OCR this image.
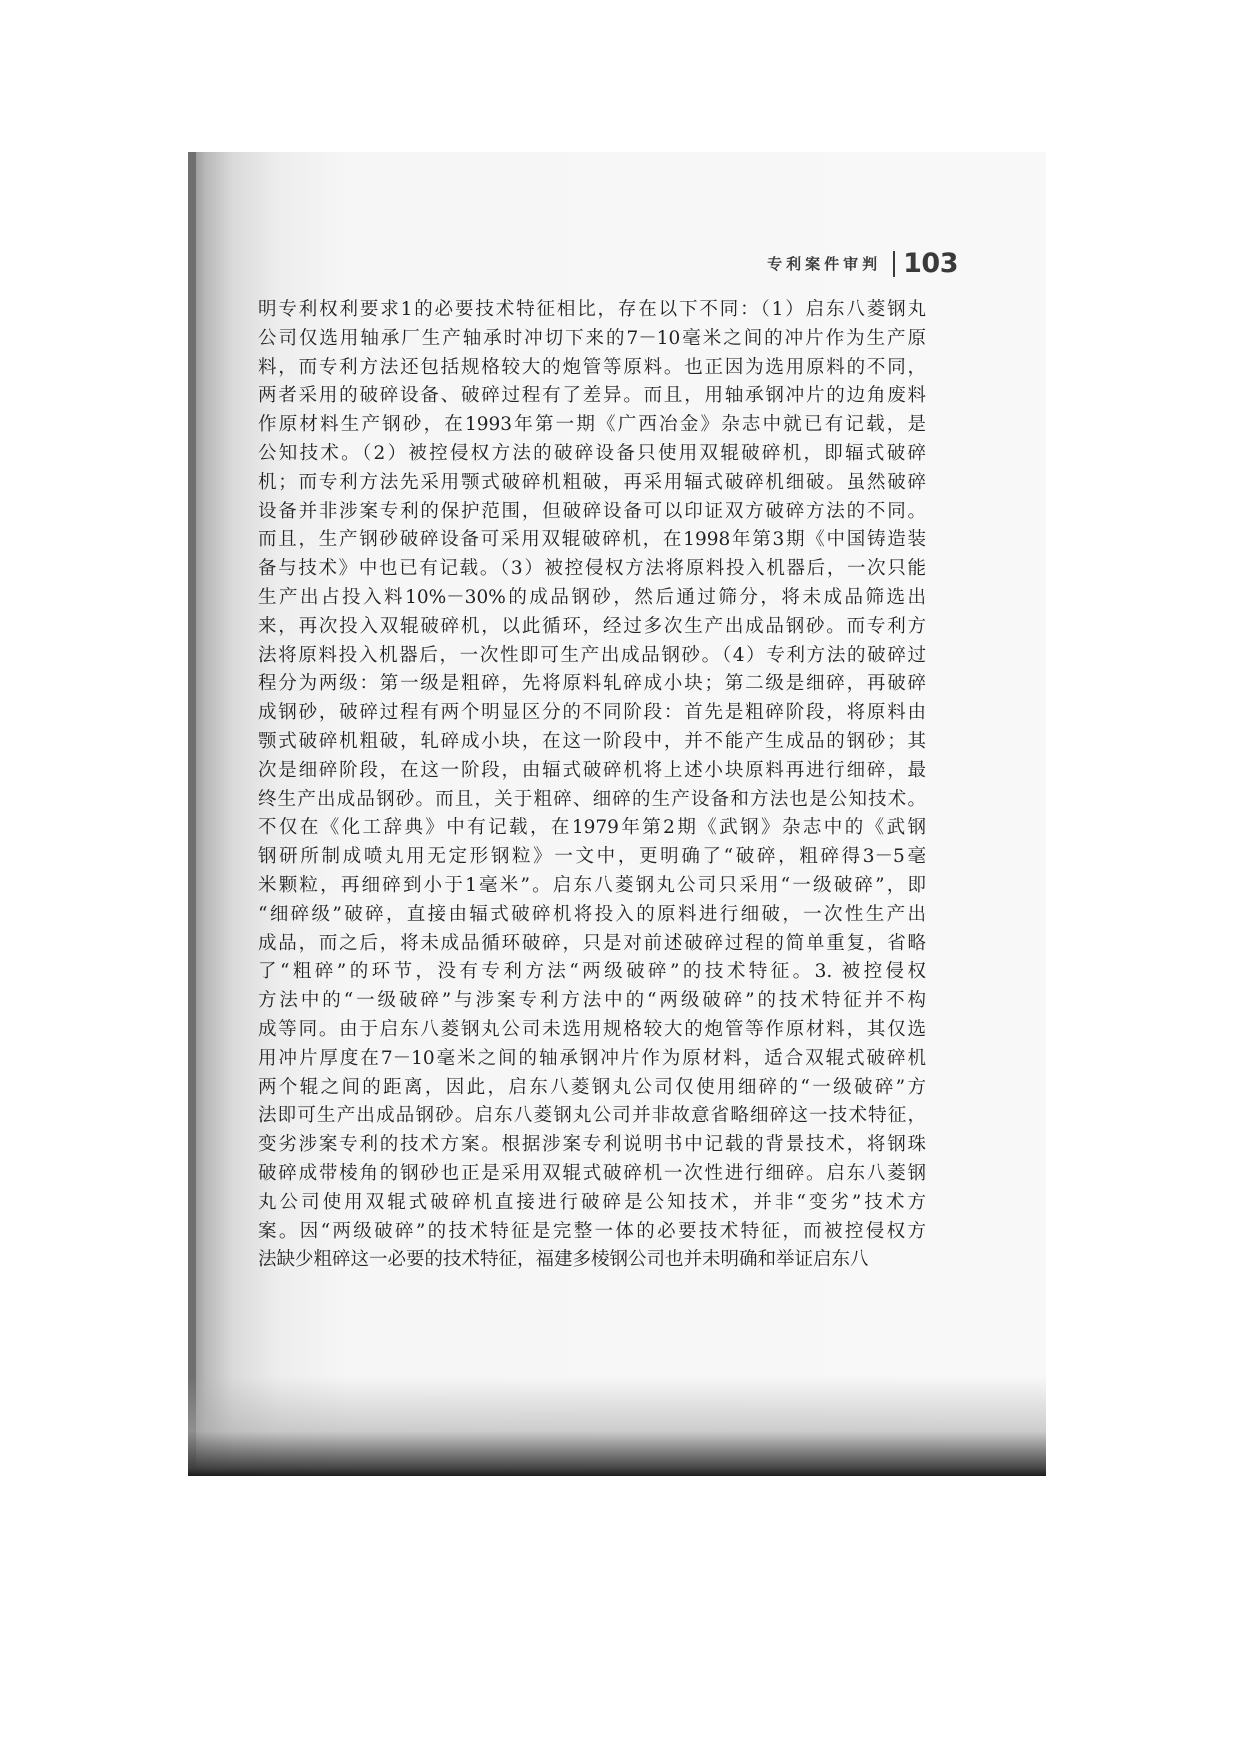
专利案件审判 103
明专利权利要求1的必要技术特征相比，存在以下不同：（1）启东八菱钢丸
公司仅选用轴承厂生产轴承时冲切下来的7－10毫米之间的冲片作为生产原
料，而专利方法还包括规格较大的炮管等原料。也正因为选用原料的不同，
两者采用的破碎设备、破碎过程有了差异。而且，用轴承钢冲片的边角废料
作原材料生产钢砂，在1993年第一期《广西冶金》杂志中就已有记载，是
公知技术。（2）被控侵权方法的破碎设备只使用双辊破碎机，即辐式破碎
机；而专利方法先采用颚式破碎机粗破，再采用辐式破碎机细破。虽然破碎
设备并非涉案专利的保护范围，但破碎设备可以印证双方破碎方法的不同。
而且，生产钢砂破碎设备可采用双辊破碎机，在1998年第3期《中国铸造装
备与技术》中也已有记载。（3）被控侵权方法将原料投入机器后，一次只能
生产出占投入料10%－30%的成品钢砂，然后通过筛分，将未成品筛选出
来，再次投入双辊破碎机，以此循环，经过多次生产出成品钢砂。而专利方
法将原料投入机器后，一次性即可生产出成品钢砂。（4）专利方法的破碎过
程分为两级：第一级是粗碎，先将原料轧碎成小块；第二级是细碎，再破碎
成钢砂，破碎过程有两个明显区分的不同阶段：首先是粗碎阶段，将原料由
颚式破碎机粗破，轧碎成小块，在这一阶段中，并不能产生成品的钢砂；其
次是细碎阶段，在这一阶段，由辐式破碎机将上述小块原料再进行细碎，最
终生产出成品钢砂。而且，关于粗碎、细碎的生产设备和方法也是公知技术。
不仅在《化工辞典》中有记载，在1979年第2期《武钢》杂志中的《武钢
钢研所制成喷丸用无定形钢粒》一文中，更明确了“破碎，粗碎得3－5毫
米颗粒，再细碎到小于1毫米”。启东八菱钢丸公司只采用“一级破碎”，即
“细碎级”破碎，直接由辐式破碎机将投入的原料进行细破，一次性生产出
成品，而之后，将未成品循环破碎，只是对前述破碎过程的简单重复，省略
了“粗碎”的环节，没有专利方法“两级破碎”的技术特征。3. 被控侵权
方法中的“一级破碎”与涉案专利方法中的“两级破碎”的技术特征并不构
成等同。由于启东八菱钢丸公司未选用规格较大的炮管等作原材料，其仅选
用冲片厚度在7－10毫米之间的轴承钢冲片作为原材料，适合双辊式破碎机
两个辊之间的距离，因此，启东八菱钢丸公司仅使用细碎的“一级破碎”方
法即可生产出成品钢砂。启东八菱钢丸公司并非故意省略细碎这一技术特征，
变劣涉案专利的技术方案。根据涉案专利说明书中记载的背景技术，将钢珠
破碎成带棱角的钢砂也正是采用双辊式破碎机一次性进行细碎。启东八菱钢
丸公司使用双辊式破碎机直接进行破碎是公知技术，并非“变劣”技术方
案。因“两级破碎”的技术特征是完整一体的必要技术特征，而被控侵权方
法缺少粗碎这一必要的技术特征，福建多棱钢公司也并未明确和举证启东八
